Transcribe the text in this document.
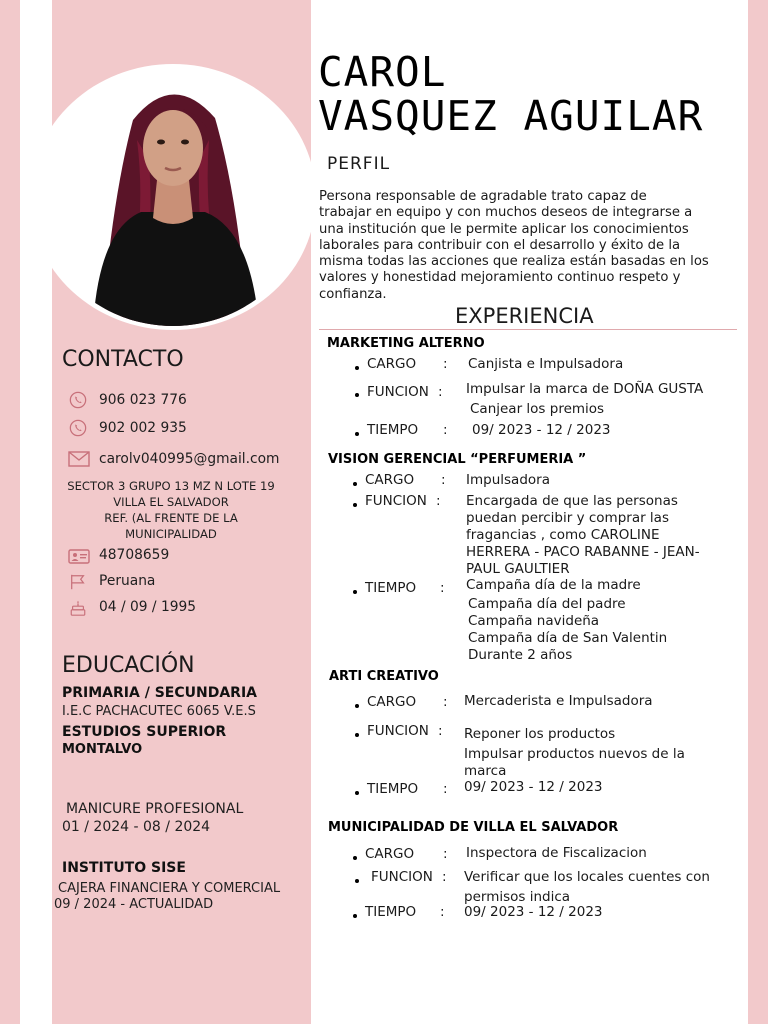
CAROL
VASQUEZ AGUILAR
PERFIL
Persona responsable de agradable trato capaz de
trabajar en equipo y con muchos deseos de integrarse a
una institución que le permite aplicar los conocimientos
laborales para contribuir con el desarrollo y éxito de la
misma todas las acciones que realiza están basadas en los
valores y honestidad mejoramiento continuo respeto y
confianza.
CONTACTO
906 023 776
902 002 935
carolv040995@gmail.com
SECTOR 3 GRUPO 13 MZ N LOTE 19
VILLA EL SALVADOR
REF. (AL FRENTE DE LA MUNICIPALIDAD
48708659
Peruana
04 / 09 / 1995
EDUCACIÓN
PRIMARIA / SECUNDARIA
I.E.C PACHACUTEC 6065 V.E.S
ESTUDIOS SUPERIOR
MONTALVO
MANICURE PROFESIONAL
01 / 2024 - 08 / 2024
INSTITUTO SISE
CAJERA FINANCIERA Y COMERCIAL
09 / 2024 - ACTUALIDAD
EXPERIENCIA
MARKETING ALTERNO
CARGO : Canjista e Impulsadora
FUNCION : Impulsar la marca de DOÑA GUSTA
Canjear los premios
TIEMPO : 09/ 2023 - 12 / 2023
VISION GERENCIAL “PERFUMERIA ”
CARGO : Impulsadora
FUNCION : Encargada de que las personas
puedan percibir y comprar las
fragancias , como CAROLINE
HERRERA - PACO RABANNE - JEAN-
PAUL GAULTIER
TIEMPO : Campaña día de la madre
Campaña día del padre
Campaña navideña
Campaña día de San Valentin
Durante 2 años
ARTI CREATIVO
CARGO : Mercaderista e Impulsadora
FUNCION : Reponer los productos
Impulsar productos nuevos de la
marca
TIEMPO : 09/ 2023 - 12 / 2023
MUNICIPALIDAD DE VILLA EL SALVADOR
CARGO : Inspectora de Fiscalizacion
FUNCION : Verificar que los locales cuentes con
permisos indica
TIEMPO : 09/ 2023 - 12 / 2023
